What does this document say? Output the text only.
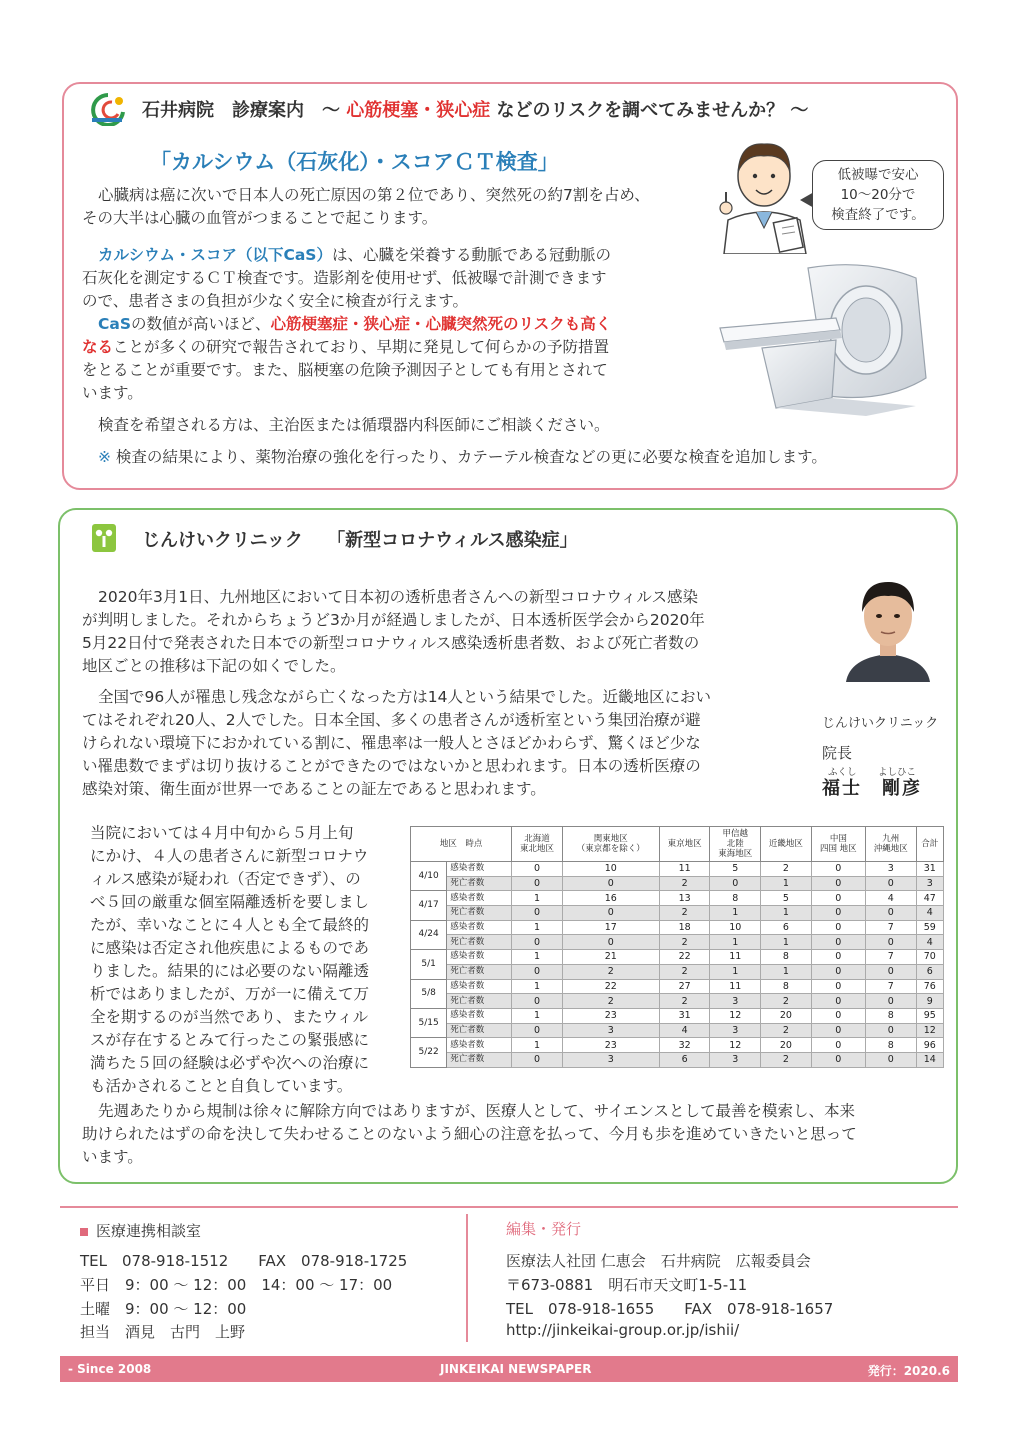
石井病院　診療案内　～ 心筋梗塞・狭心症 などのリスクを調べてみませんか？ ～
「カルシウム（石灰化）・スコアＣＴ検査」
心臓病は癌に次いで日本人の死亡原因の第２位であり、突然死の約7割を占め、
その大半は心臓の血管がつまることで起こります。
カルシウム・スコア（以下CaS）は、心臓を栄養する動脈である冠動脈の
石灰化を測定するＣＴ検査です。造影剤を使用せず、低被曝で計測できます
ので、患者さまの負担が少なく安全に検査が行えます。
CaSの数値が高いほど、心筋梗塞症・狭心症・心臓突然死のリスクも高く
なることが多くの研究で報告されており、早期に発見して何らかの予防措置
をとることが重要です。また、脳梗塞の危険予測因子としても有用とされて
います。
検査を希望される方は、主治医または循環器内科医師にご相談ください。
※ 検査の結果により、薬物治療の強化を行ったり、カテーテル検査などの更に必要な検査を追加します。
低被曝で安心
10～20分で
検査終了です。
じんけいクリニック　 「新型コロナウィルス感染症」
2020年3月1日、九州地区において日本初の透析患者さんへの新型コロナウィルス感染
が判明しました。それからちょうど3か月が経過しましたが、日本透析医学会から2020年
5月22日付で発表された日本での新型コロナウィルス感染透析患者数、および死亡者数の
地区ごとの推移は下記の如くでした。
全国で96人が罹患し残念ながら亡くなった方は14人という結果でした。近畿地区におい
てはそれぞれ20人、2人でした。日本全国、多くの患者さんが透析室という集団治療が避
けられない環境下におかれている割に、罹患率は一般人とさほどかわらず、驚くほど少な
い罹患数でまずは切り抜けることができたのではないかと思われます。日本の透析医療の
感染対策、衛生面が世界一であることの証左であると思われます。
じんけいクリニック
院長
ふくし よしひこ
福士　剛彦
当院においては４月中旬から５月上旬
にかけ、４人の患者さんに新型コロナウ
ィルス感染が疑われ（否定できず）、の
べ５回の厳重な個室隔離透析を要しまし
たが、幸いなことに４人とも全て最終的
に感染は否定され他疾患によるものであ
りました。結果的には必要のない隔離透
析ではありましたが、万が一に備えて万
全を期するのが当然であり、またウィル
スが存在するとみて行ったこの緊張感に
満ちた５回の経験は必ずや次への治療に
も活かされることと自負しています。
地区　時点		北海道
東北地区	関東地区
（東京都を除く）	東京地区	甲信越
北陸
東海地区	近畿地区	中国
四国 地区	九州
沖縄地区	合計
4/10	感染者数	0	10	11	5	2	0	3	31
	死亡者数	0	0	2	0	1	0	0	3
4/17	感染者数	1	16	13	8	5	0	4	47
	死亡者数	0	0	2	1	1	0	0	4
4/24	感染者数	1	17	18	10	6	0	7	59
	死亡者数	0	0	2	1	1	0	0	4
5/1	感染者数	1	21	22	11	8	0	7	70
	死亡者数	0	2	2	1	1	0	0	6
5/8	感染者数	1	22	27	11	8	0	7	76
	死亡者数	0	2	2	3	2	0	0	9
5/15	感染者数	1	23	31	12	20	0	8	95
	死亡者数	0	3	4	3	2	0	0	12
5/22	感染者数	1	23	32	12	20	0	8	96
	死亡者数	0	3	6	3	2	0	0	14
先週あたりから規制は徐々に解除方向ではありますが、医療人として、サイエンスとして最善を模索し、本来
助けられたはずの命を決して失わせることのないよう細心の注意を払って、今月も歩を進めていきたいと思って
います。
医療連携相談室
TEL　078-918-1512　　FAX　078-918-1725
平日　9：00 ～ 12：00　14：00 ～ 17：00
土曜　9：00 ～ 12：00
担当　酒見　古門　上野
編集・発行
医療法人社団 仁恵会　石井病院　広報委員会
〒673-0881　明石市天文町1-5-11
TEL　078-918-1655　　FAX　078-918-1657
http://jinkeikai-group.or.jp/ishii/
- Since 2008	JINKEIKAI NEWSPAPER	発行：2020.6
